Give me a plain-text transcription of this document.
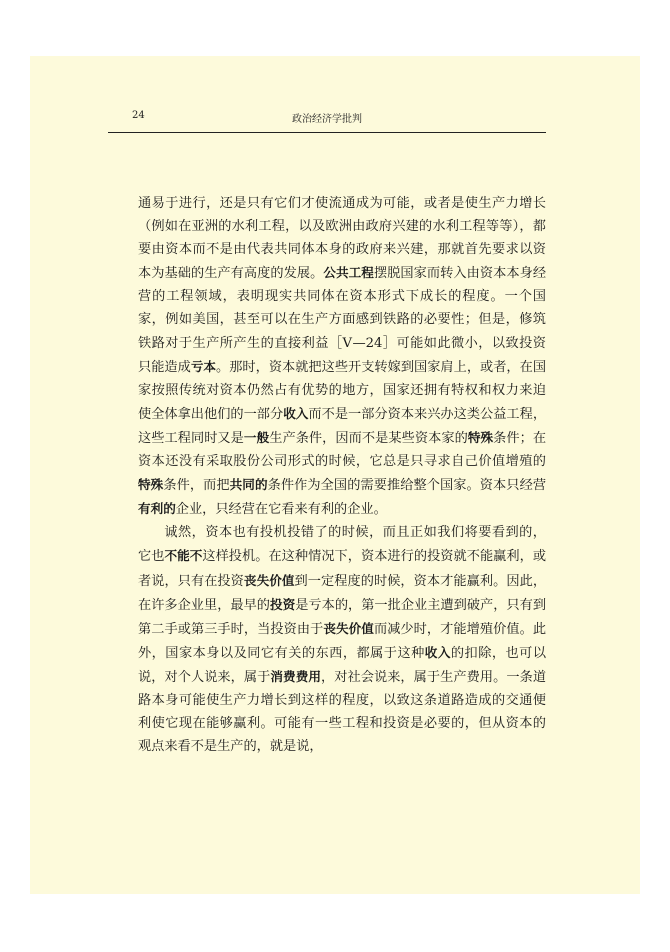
24	政治经济学批判

通易于进行，还是只有它们才使流通成为可能，或者是使生产力增长（例如在亚洲的水利工程，以及欧洲由政府兴建的水利工程等等），都要由资本而不是由代表共同体本身的政府来兴建，那就首先要求以资本为基础的生产有高度的发展。公共工程摆脱国家而转入由资本本身经营的工程领域，表明现实共同体在资本形式下成长的程度。一个国家，例如美国，甚至可以在生产方面感到铁路的必要性；但是，修筑铁路对于生产所产生的直接利益［Ⅴ—24］可能如此微小，以致投资只能造成亏本。那时，资本就把这些开支转嫁到国家肩上，或者，在国家按照传统对资本仍然占有优势的地方，国家还拥有特权和权力来迫使全体拿出他们的一部分收入而不是一部分资本来兴办这类公益工程，这些工程同时又是一般生产条件，因而不是某些资本家的特殊条件；在资本还没有采取股份公司形式的时候，它总是只寻求自己价值增殖的特殊条件，而把共同的条件作为全国的需要推给整个国家。资本只经营有利的企业，只经营在它看来有利的企业。

诚然，资本也有投机投错了的时候，而且正如我们将要看到的，它也不能不这样投机。在这种情况下，资本进行的投资就不能赢利，或者说，只有在投资丧失价值到一定程度的时候，资本才能赢利。因此，在许多企业里，最早的投资是亏本的，第一批企业主遭到破产，只有到第二手或第三手时，当投资由于丧失价值而减少时，才能增殖价值。此外，国家本身以及同它有关的东西，都属于这种收入的扣除，也可以说，对个人说来，属于消费费用，对社会说来，属于生产费用。一条道路本身可能使生产力增长到这样的程度，以致这条道路造成的交通便利使它现在能够赢利。可能有一些工程和投资是必要的，但从资本的观点来看不是生产的，就是说，
